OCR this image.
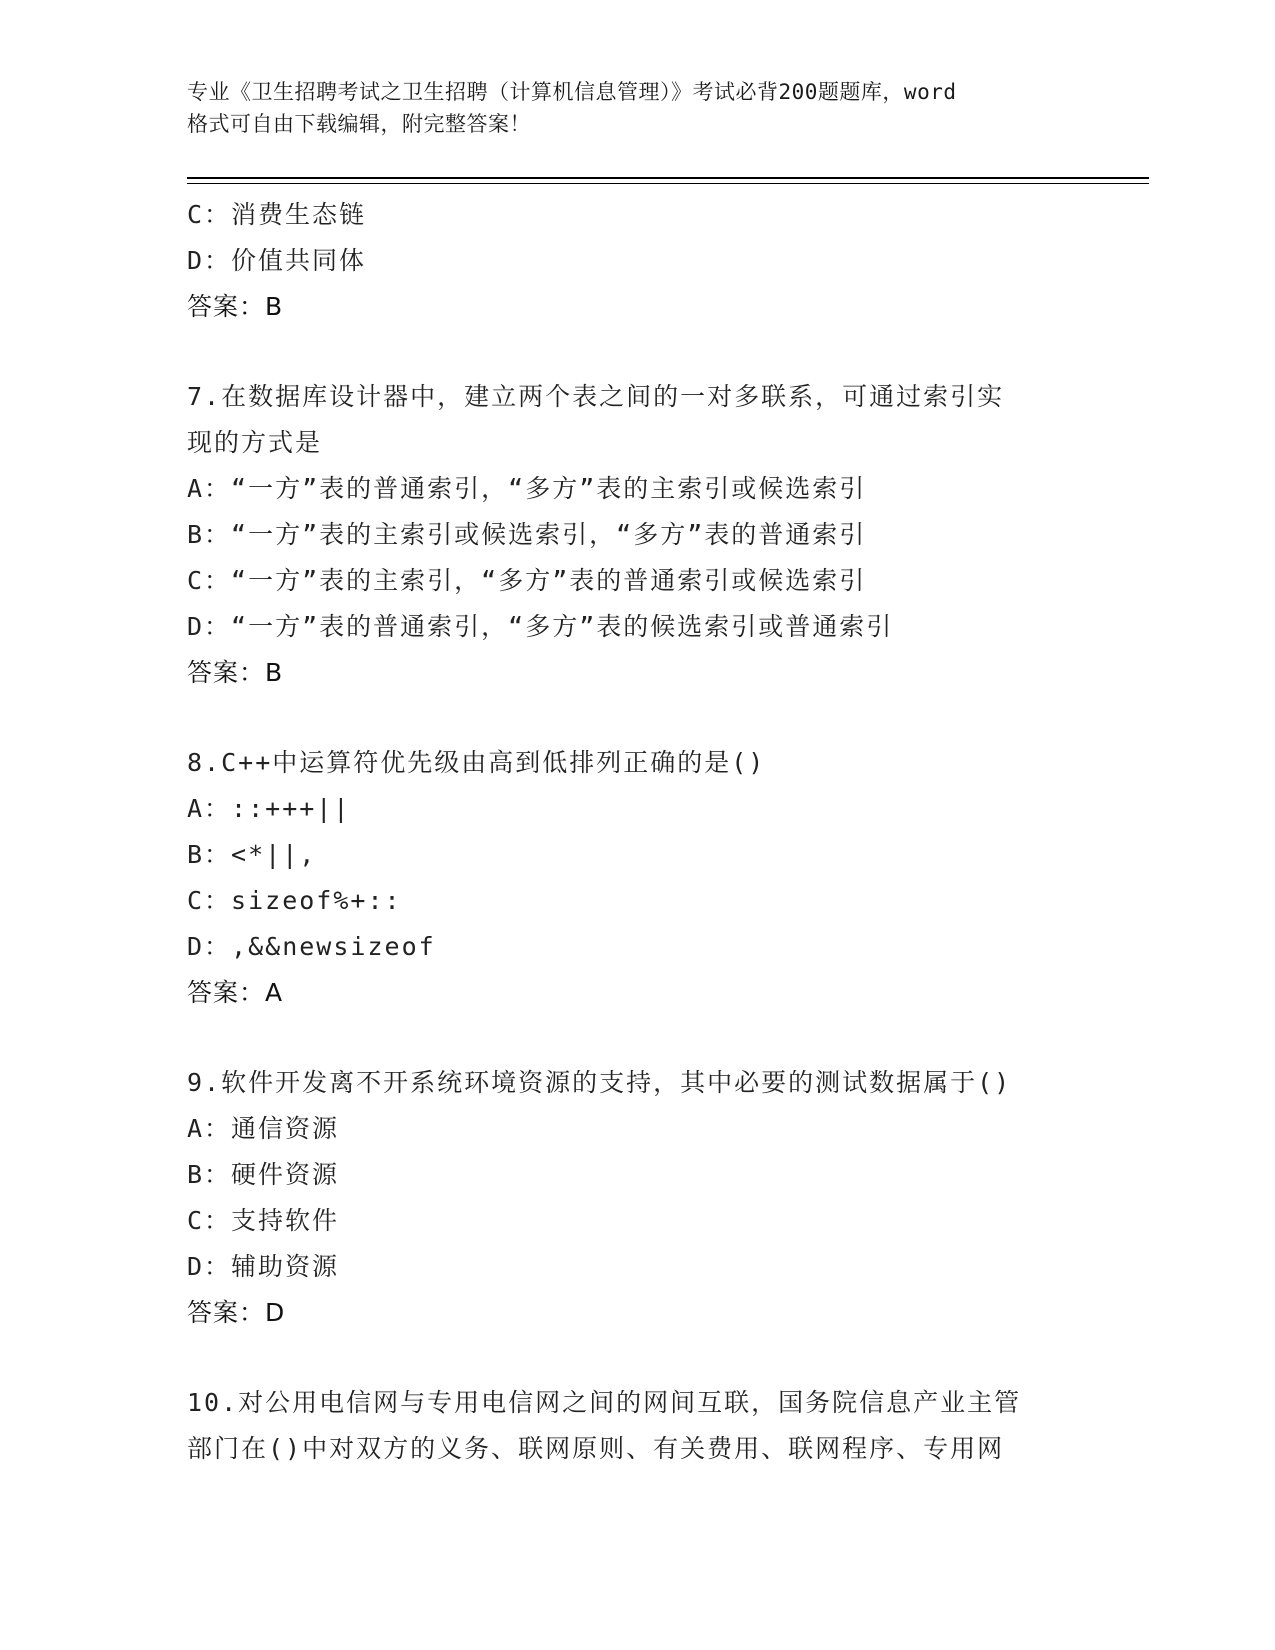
专业《卫生招聘考试之卫生招聘（计算机信息管理）》考试必背200题题库，word
格式可自由下载编辑，附完整答案！
C：消费生态链
D：价值共同体
答案：B
7.在数据库设计器中，建立两个表之间的一对多联系，可通过索引实
现的方式是
A：“一方”表的普通索引，“多方”表的主索引或候选索引
B：“一方”表的主索引或候选索引，“多方”表的普通索引
C：“一方”表的主索引，“多方”表的普通索引或候选索引
D：“一方”表的普通索引，“多方”表的候选索引或普通索引
答案：B
8.C++中运算符优先级由高到低排列正确的是()
A：::+++||
B：<*||,
C：sizeof%+::
D：,&&newsizeof
答案：A
9.软件开发离不开系统环境资源的支持，其中必要的测试数据属于()
A：通信资源
B：硬件资源
C：支持软件
D：辅助资源
答案：D
10.对公用电信网与专用电信网之间的网间互联，国务院信息产业主管
部门在()中对双方的义务、联网原则、有关费用、联网程序、专用网
